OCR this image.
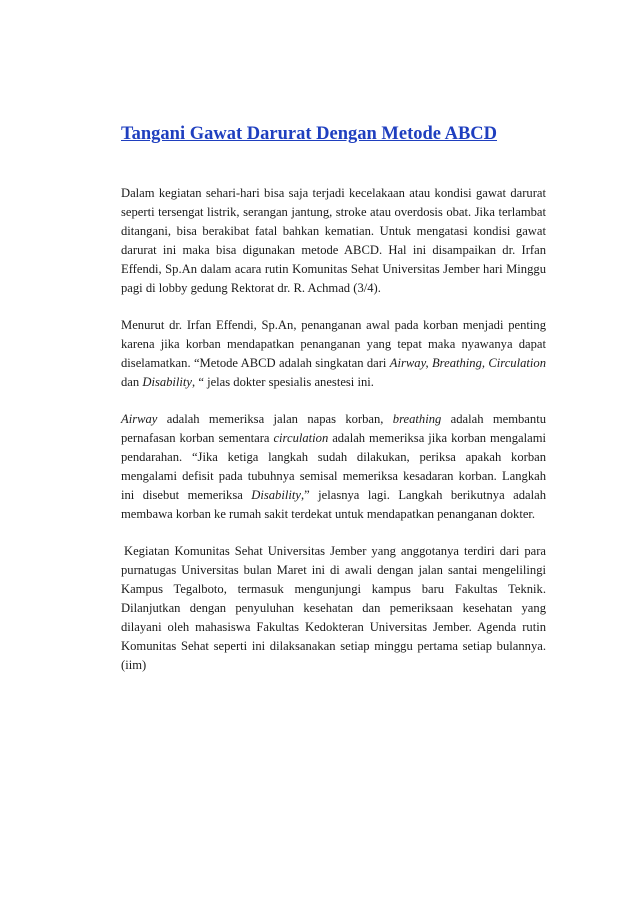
Tangani Gawat Darurat Dengan Metode ABCD

Dalam kegiatan sehari-hari bisa saja terjadi kecelakaan atau kondisi gawat darurat seperti tersengat listrik, serangan jantung, stroke atau overdosis obat. Jika terlambat ditangani, bisa berakibat fatal bahkan kematian. Untuk mengatasi kondisi gawat darurat ini maka bisa digunakan metode ABCD. Hal ini disampaikan dr. Irfan Effendi, Sp.An dalam acara rutin Komunitas Sehat Universitas Jember hari Minggu pagi di lobby gedung Rektorat dr. R. Achmad (3/4).

Menurut dr. Irfan Effendi, Sp.An, penanganan awal pada korban menjadi penting karena jika korban mendapatkan penanganan yang tepat maka nyawanya dapat diselamatkan. “Metode ABCD adalah singkatan dari Airway, Breathing, Circulation dan Disability, “ jelas dokter spesialis anestesi ini.

Airway adalah memeriksa jalan napas korban, breathing adalah membantu pernafasan korban sementara circulation adalah memeriksa jika korban mengalami pendarahan. “Jika ketiga langkah sudah dilakukan, periksa apakah korban mengalami defisit pada tubuhnya semisal memeriksa kesadaran korban. Langkah ini disebut memeriksa Disability,” jelasnya lagi. Langkah berikutnya adalah membawa korban ke rumah sakit terdekat untuk mendapatkan penanganan dokter.

Kegiatan Komunitas Sehat Universitas Jember yang anggotanya terdiri dari para purnatugas Universitas bulan Maret ini di awali dengan jalan santai mengelilingi Kampus Tegalboto, termasuk mengunjungi kampus baru Fakultas Teknik. Dilanjutkan dengan penyuluhan kesehatan dan pemeriksaan kesehatan yang dilayani oleh mahasiswa Fakultas Kedokteran Universitas Jember. Agenda rutin Komunitas Sehat seperti ini dilaksanakan setiap minggu pertama setiap bulannya. (iim)
